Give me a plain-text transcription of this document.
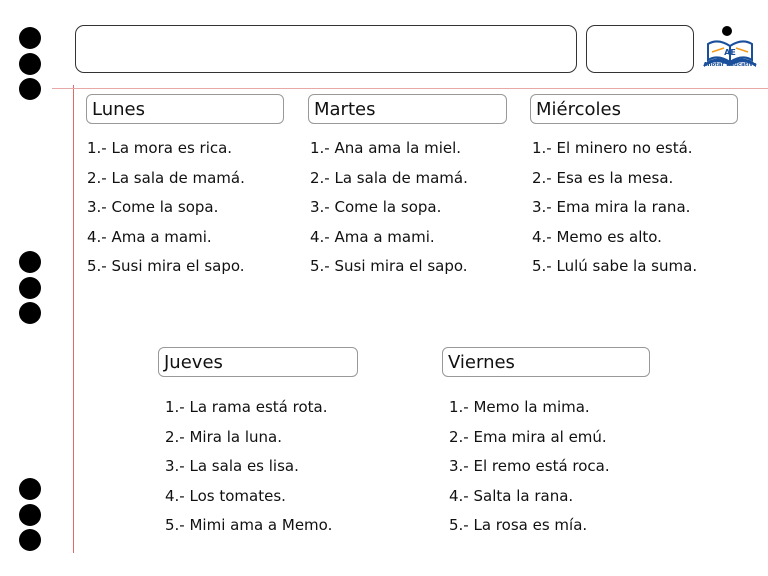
AE
Anotar Educativo
Lunes
1.- La mora es rica.
2.- La sala de mamá.
3.- Come la sopa.
4.- Ama a mami.
5.- Susi mira el sapo.
Martes
1.- Ana ama la miel.
2.- La sala de mamá.
3.- Come la sopa.
4.- Ama a mami.
5.- Susi mira el sapo.
Miércoles
1.- El minero no está.
2.- Esa es la mesa.
3.- Ema mira la rana.
4.- Memo es alto.
5.- Lulú sabe la suma.
Jueves
1.- La rama está rota.
2.- Mira la luna.
3.- La sala es lisa.
4.- Los tomates.
5.- Mimi ama a Memo.
Viernes
1.- Memo la mima.
2.- Ema mira al emú.
3.- El remo está roca.
4.- Salta la rana.
5.- La rosa es mía.
